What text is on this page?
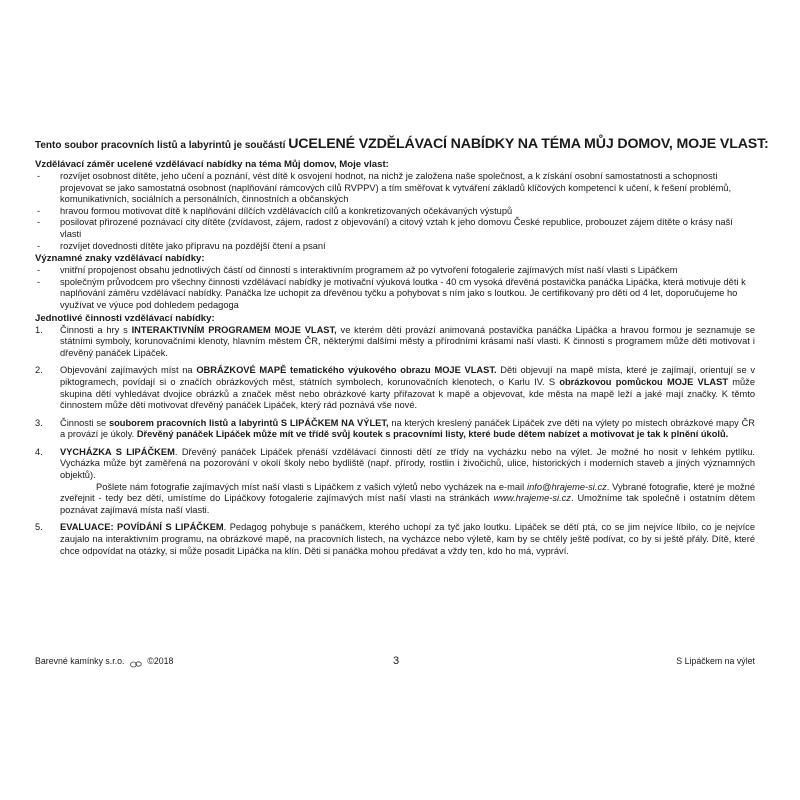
Tento soubor pracovních listů a labyrintů je součástí UCELENÉ VZDĚLÁVACÍ NABÍDKY NA TÉMA MŮJ DOMOV, MOJE VLAST:
Vzdělávací záměr ucelené vzdělávací nabídky na téma Můj domov, Moje vlast:
- rozvíjet osobnost dítěte, jeho učení a poznání, vést dítě k osvojení hodnot, na nichž je založena naše společnost, a k získání osobní samostatnosti a schopnosti projevovat se jako samostatná osobnost (naplňování rámcových cílů RVPPV) a tím směřovat k vytváření základů klíčových kompetencí k učení, k řešení problémů, komunikativních, sociálních a personálních, činnostních a občanských
- hravou formou motivovat dítě k naplňování dílčích vzdělávacích cílů a konkretizovaných očekávaných výstupů
- posilovat přirozené poznávací city dítěte (zvídavost, zájem, radost z objevování) a citový vztah k jeho domovu České republice, probouzet zájem dítěte o krásy naší vlasti
- rozvíjet dovednosti dítěte jako přípravu na pozdější čtení a psaní
Významné znaky vzdělávací nabídky:
- vnitřní propojenost obsahu jednotlivých částí od činností s interaktivním programem až po vytvoření fotogalerie zajímavých míst naší vlasti s Lipáčkem
- společným průvodcem pro všechny činnosti vzdělávací nabídky je motivační výuková loutka - 40 cm vysoká dřevěná postavička panáčka Lipáčka, která motivuje děti k naplňování záměru vzdělávací nabídky. Panáčka lze uchopit za dřevěnou tyčku a pohybovat s ním jako s loutkou. Je certifikovaný pro děti od 4 let, doporučujeme ho využívat ve výuce pod dohledem pedagoga
Jednotlivé činnosti vzdělávací nabídky:
1. Činnosti a hry s INTERAKTIVNÍM PROGRAMEM MOJE VLAST, ve kterém děti provází animovaná postavička panáčka Lipáčka a hravou formou je seznamuje se státními symboly, korunovačními klenoty, hlavním městem ČR, některými dalšími městy a přírodními krásami naší vlasti. K činnosti s programem může děti motivovat i dřevěný panáček Lipáček.
2. Objevování zajímavých míst na OBRÁZKOVÉ MAPĚ tematického výukového obrazu MOJE VLAST. Děti objevují na mapě místa, které je zajímají, orientují se v piktogramech, povídají si o značích obrázkových měst, státních symbolech, korunovačních klenotech, o Karlu IV. S obrázkovou pomůckou MOJE VLAST může skupina dětí vyhledávat dvojice obrázků a značek měst nebo obrázkové karty přiřazovat k mapě a objevovat, kde města na mapě leží a jaké mají značky. K těmto činnostem může děti motivovat dřevěný panáček Lipáček, který rád poznává vše nové.
3. Činnosti se souborem pracovních listů a labyrintů S LIPÁČKEM NA VÝLET, na kterých kreslený panáček Lipáček zve děti na výlety po místech obrázkové mapy ČR a provází je úkoly. Dřevěný panáček Lipáček může mít ve třídě svůj koutek s pracovními listy, které bude dětem nabízet a motivovat je tak k plnění úkolů.
4. VYCHÁZKA S LIPÁČKEM. Dřevěný panáček Lipáček přenáší vzdělávací činnosti dětí ze třídy na vycházku nebo na výlet. Je možné ho nosit v lehkém pytlíku. Vycházka může být zaměřená na pozorování v okolí školy nebo bydliště (např. přírody, rostlin i živočichů, ulice, historických i moderních staveb a jiných významných objektů).

Pošlete nám fotografie zajímavých míst naší vlasti s Lipáčkem z vašich výletů nebo vycházek na e-mail info@hrajeme-si.cz. Vybrané fotografie, které je možné zveřejnit - tedy bez dětí, umístíme do Lipáčkovy fotogalerie zajímavých míst naší vlasti na stránkách www.hrajeme-si.cz. Umožníme tak společně i ostatním dětem poznávat zajímavá místa naší vlasti.

5. EVALUACE: POVÍDÁNÍ S LIPÁČKEM. Pedagog pohybuje s panáčkem, kterého uchopí za tyč jako loutku. Lipáček se dětí ptá, co se jim nejvíce líbilo, co je nejvíce zaujalo na interaktivním programu, na obrázkové mapě, na pracovních listech, na vycházce nebo výletě, kam by se chtěly ještě podívat, co by si ještě přály. Dítě, které chce odpovídat na otázky, si může posadit Lipáčka na klín. Děti si panáčka mohou předávat a vždy ten, kdo ho má, vypráví.
Barevné kamínky s.r.o.	©2018	3	S Lipáčkem na výlet
